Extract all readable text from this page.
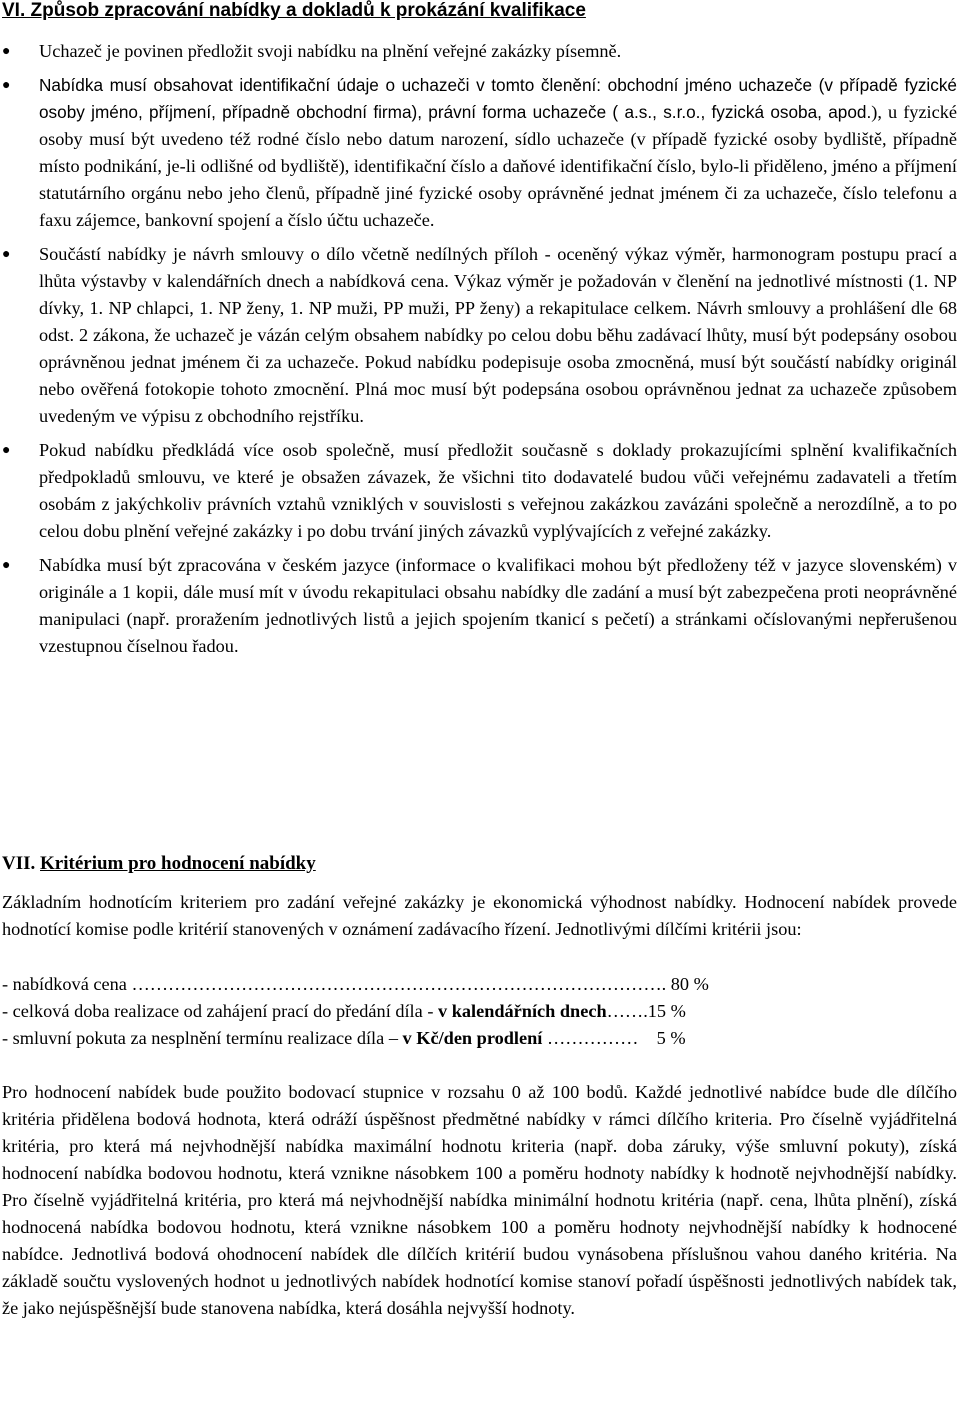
VI. Způsob zpracování nabídky a dokladů k prokázání kvalifikace
● Uchazeč je povinen předložit svoji nabídku na plnění veřejné zakázky písemně.
● Nabídka musí obsahovat identifikační údaje o uchazeči v tomto členění: obchodní jméno uchazeče (v případě fyzické osoby jméno, příjmení, případně obchodní firma), právní forma uchazeče ( a.s., s.r.o., fyzická osoba, apod.), u fyzické osoby musí být uvedeno též rodné číslo nebo datum narození, sídlo uchazeče (v případě fyzické osoby bydliště, případně místo podnikání, je-li odlišné od bydliště), identifikační číslo a daňové identifikační číslo, bylo-li přiděleno, jméno a příjmení statutárního orgánu nebo jeho členů, případně jiné fyzické osoby oprávněné jednat jménem či za uchazeče, číslo telefonu a faxu zájemce, bankovní spojení a číslo účtu uchazeče.
● Součástí nabídky je návrh smlouvy o dílo včetně nedílných příloh - oceněný výkaz výměr, harmonogram postupu prací a lhůta výstavby v kalendářních dnech a nabídková cena. Výkaz výměr je požadován v členění na jednotlivé místnosti (1. NP dívky, 1. NP chlapci, 1. NP ženy, 1. NP muži, PP muži, PP ženy) a rekapitulace celkem. Návrh smlouvy a prohlášení dle 68 odst. 2 zákona, že uchazeč je vázán celým obsahem nabídky po celou dobu běhu zadávací lhůty, musí být podepsány osobou oprávněnou jednat jménem či za uchazeče. Pokud nabídku podepisuje osoba zmocněná, musí být součástí nabídky originál nebo ověřená fotokopie tohoto zmocnění. Plná moc musí být podepsána osobou oprávněnou jednat za uchazeče způsobem uvedeným ve výpisu z obchodního rejstříku.
● Pokud nabídku předkládá více osob společně, musí předložit současně s doklady prokazujícími splnění kvalifikačních předpokladů smlouvu, ve které je obsažen závazek, že všichni tito dodavatelé budou vůči veřejnému zadavateli a třetím osobám z jakýchkoliv právních vztahů vzniklých v souvislosti s veřejnou zakázkou zavázáni společně a nerozdílně, a to po celou dobu plnění veřejné zakázky i po dobu trvání jiných závazků vyplývajících z veřejné zakázky.
● Nabídka musí být zpracována v českém jazyce (informace o kvalifikaci mohou být předloženy též v jazyce slovenském) v originále a 1 kopii, dále musí mít v úvodu rekapitulaci obsahu nabídky dle zadání a musí být zabezpečena proti neoprávněné manipulaci (např. proražením jednotlivých listů a jejich spojením tkanicí s pečetí) a stránkami očíslovanými nepřerušenou vzestupnou číselnou řadou.
VII. Kritérium pro hodnocení nabídky

Základním hodnotícím kriteriem pro zadání veřejné zakázky je ekonomická výhodnost nabídky. Hodnocení nabídek provede hodnotící komise podle kritérií stanovených v oznámení zadávacího řízení. Jednotlivými dílčími kritérii jsou:

- nabídková cena ……………………………………………………………………………. 80 %

- celková doba realizace od zahájení prací do předání díla - v kalendářních dnech…….15 %

- smluvní pokuta za nesplnění termínu realizace díla – v Kč/den prodlení ……………    5 %

Pro hodnocení nabídek bude použito bodovací stupnice v rozsahu 0 až 100 bodů. Každé jednotlivé nabídce bude dle dílčího kritéria přidělena bodová hodnota, která odráží úspěšnost předmětné nabídky v rámci dílčího kriteria. Pro číselně vyjádřitelná kritéria, pro která má nejvhodnější nabídka maximální hodnotu kriteria (např. doba záruky, výše smluvní pokuty), získá hodnocení nabídka bodovou hodnotu, která vznikne násobkem 100 a poměru hodnoty nabídky k hodnotě nejvhodnější nabídky. Pro číselně vyjádřitelná kritéria, pro která má nejvhodnější nabídka minimální hodnotu kritéria (např. cena, lhůta plnění), získá hodnocená nabídka bodovou hodnotu, která vznikne násobkem 100 a poměru hodnoty nejvhodnější nabídky k hodnocené nabídce. Jednotlivá bodová ohodnocení nabídek dle dílčích kritérií budou vynásobena příslušnou vahou daného kritéria. Na základě součtu vyslovených hodnot u jednotlivých nabídek hodnotící komise stanoví pořadí úspěšnosti jednotlivých nabídek tak, že jako nejúspěšnější bude stanovena nabídka, která dosáhla nejvyšší hodnoty.
